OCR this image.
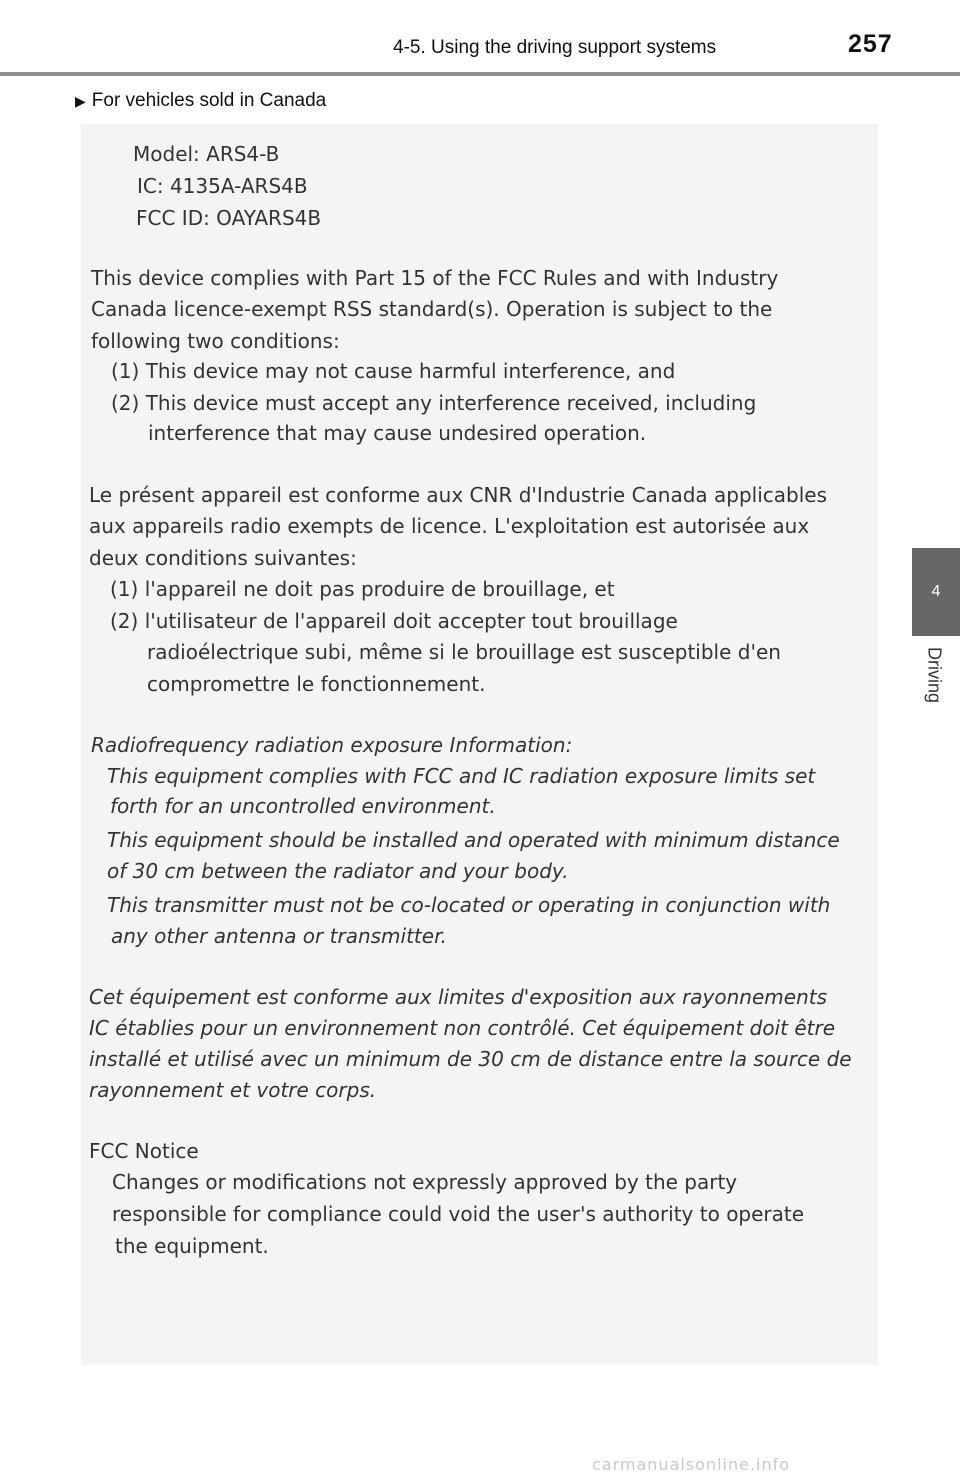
4-5. Using the driving support systems	257
4
Driving
▶ For vehicles sold in Canada
Model: ARS4-B
IC: 4135A-ARS4B
FCC ID: OAYARS4B
This device complies with Part 15 of the FCC Rules and with Industry
Canada licence-exempt RSS standard(s). Operation is subject to the
following two conditions:
(1) This device may not cause harmful interference, and
(2) This device must accept any interference received, including
interference that may cause undesired operation.
Le présent appareil est conforme aux CNR d'Industrie Canada applicables
aux appareils radio exempts de licence. L'exploitation est autorisée aux
deux conditions suivantes:
(1) l'appareil ne doit pas produire de brouillage, et
(2) l'utilisateur de l'appareil doit accepter tout brouillage
radioélectrique subi, même si le brouillage est susceptible d'en
compromettre le fonctionnement.
Radiofrequency radiation exposure Information:
This equipment complies with FCC and IC radiation exposure limits set
forth for an uncontrolled environment.
This equipment should be installed and operated with minimum distance
of 30 cm between the radiator and your body.
This transmitter must not be co-located or operating in conjunction with
any other antenna or transmitter.
Cet équipement est conforme aux limites d'exposition aux rayonnements
IC établies pour un environnement non contrôlé. Cet équipement doit être
installé et utilisé avec un minimum de 30 cm de distance entre la source de
rayonnement et votre corps.
FCC Notice
Changes or modifications not expressly approved by the party
responsible for compliance could void the user's authority to operate
the equipment.
carmanualsonline.info
